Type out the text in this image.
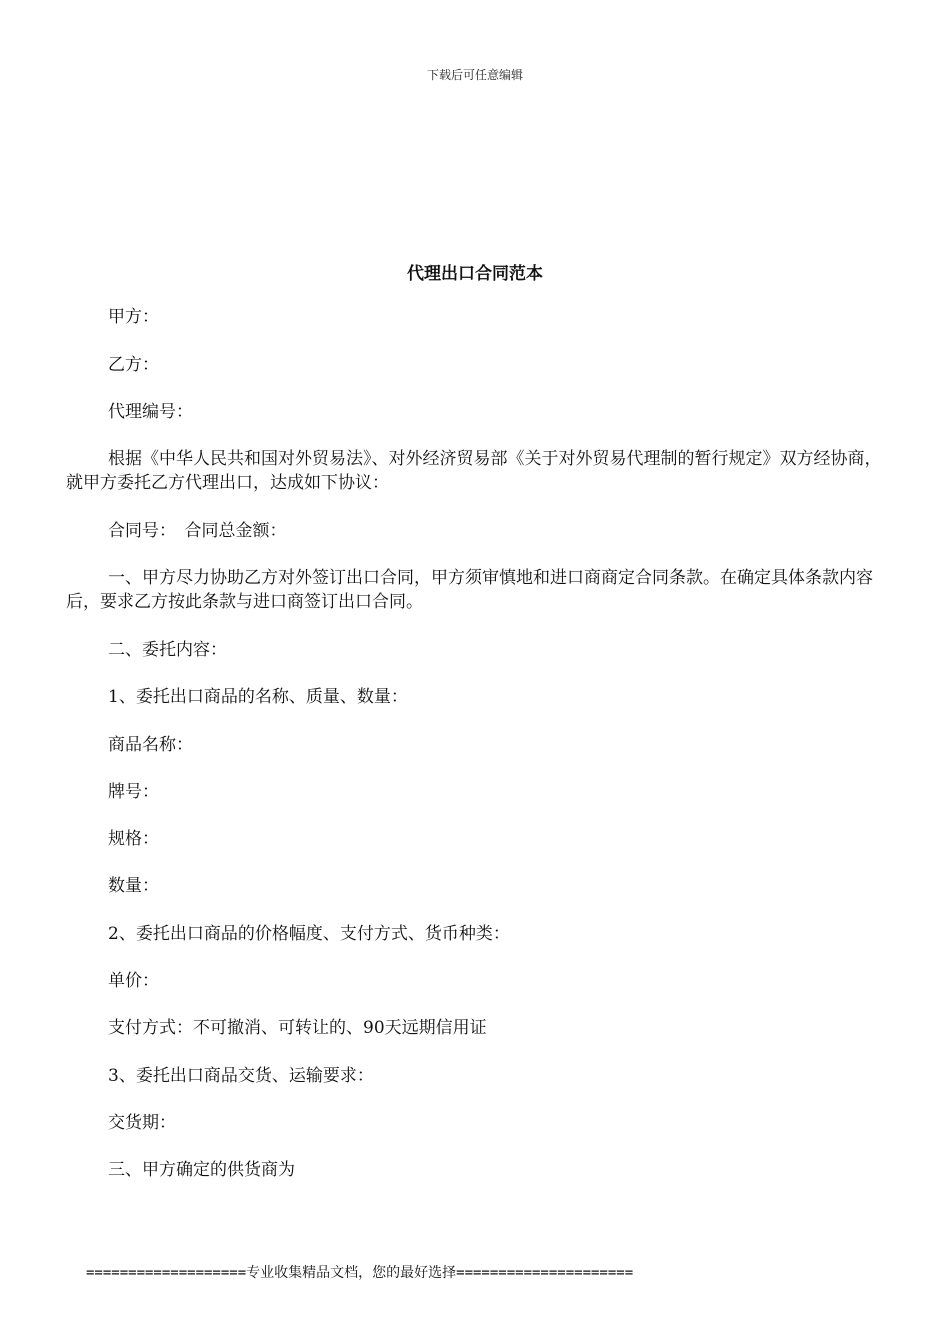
下载后可任意编辑
代理出口合同范本
甲方：
乙方：
代理编号：
根据《中华人民共和国对外贸易法》、对外经济贸易部《关于对外贸易代理制的暂行规定》双方经协商，就甲方委托乙方代理出口，达成如下协议：
合同号：　合同总金额：
一、甲方尽力协助乙方对外签订出口合同，甲方须审慎地和进口商商定合同条款。在确定具体条款内容后，要求乙方按此条款与进口商签订出口合同。
二、委托内容：
1、委托出口商品的名称、质量、数量：
商品名称：
牌号：
规格：
数量：
2、委托出口商品的价格幅度、支付方式、货币种类：
单价：
支付方式：不可撤消、可转让的、90天远期信用证
3、委托出口商品交货、运输要求：
交货期：
三、甲方确定的供货商为
===================专业收集精品文档，您的最好选择=====================
